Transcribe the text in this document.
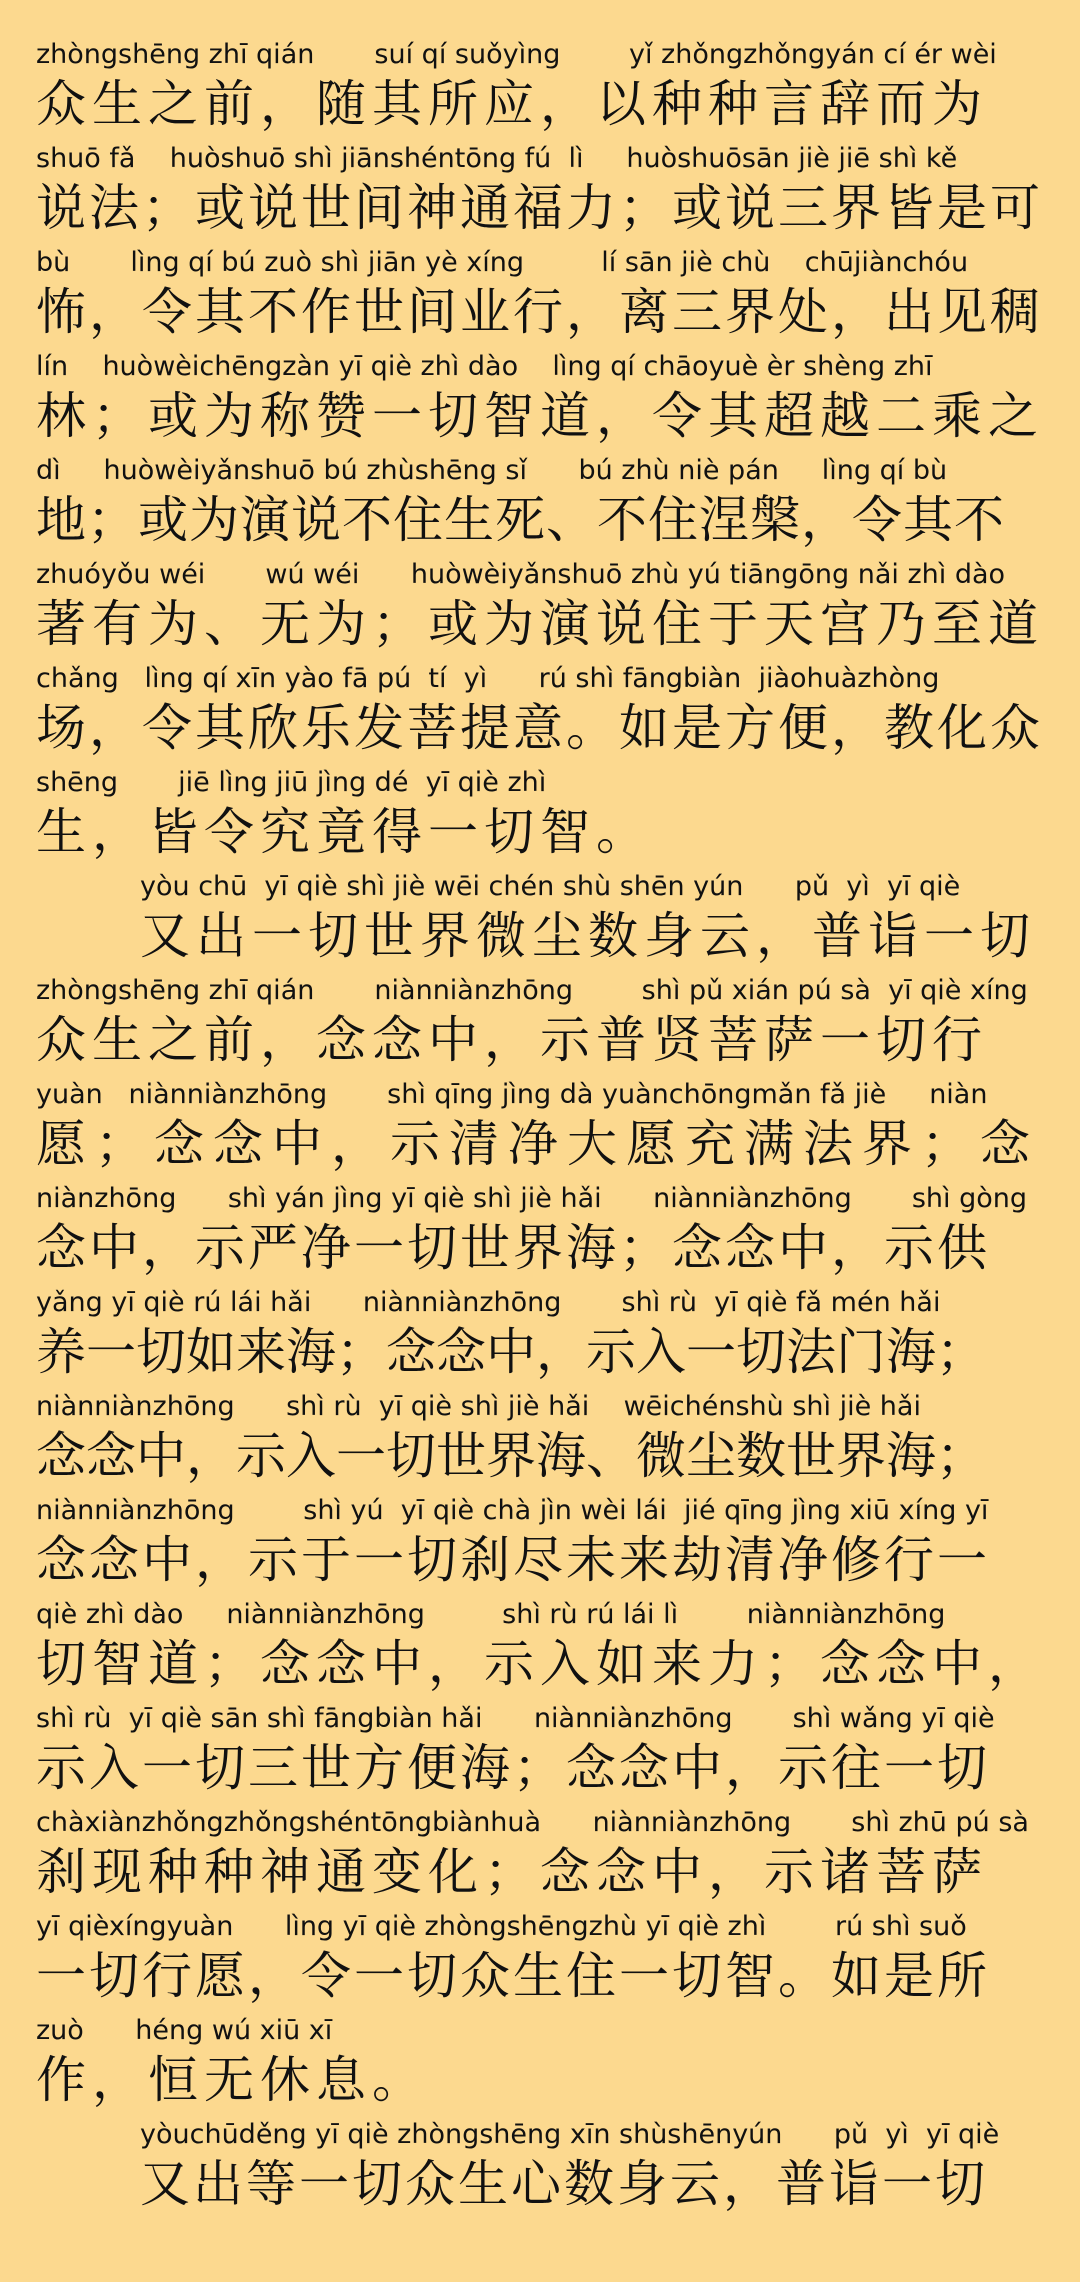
zhòngshēng zhī qián       suí qí suǒyìng        yǐ zhǒngzhǒngyán cí ér wèi
众生之前，随其所应，以种种言辞而为
shuō fǎ    huòshuō shì jiānshéntōng fú  lì     huòshuōsān jiè jiē shì kě
说法；或说世间神通福力；或说三界皆是可
bù       lìng qí bú zuò shì jiān yè xíng         lí sān jiè chù    chūjiànchóu
怖，令其不作世间业行，离三界处，出见稠
lín    huòwèichēngzàn yī qiè zhì dào    lìng qí chāoyuè èr shèng zhī
林；或为称赞一切智道，令其超越二乘之
dì     huòwèiyǎnshuō bú zhùshēng sǐ      bú zhù niè pán     lìng qí bù
地；或为演说不住生死、不住涅槃，令其不
zhuóyǒu wéi       wú wéi      huòwèiyǎnshuō zhù yú tiāngōng nǎi zhì dào
著有为、无为；或为演说住于天宫乃至道
chǎng   lìng qí xīn yào fā pú  tí  yì      rú shì fāngbiàn  jiàohuàzhòng
场，令其欣乐发菩提意。如是方便，教化众
shēng       jiē lìng jiū jìng dé  yī qiè zhì
生，皆令究竟得一切智。
yòu chū  yī qiè shì jiè wēi chén shù shēn yún      pǔ  yì  yī qiè
又出一切世界微尘数身云，普诣一切
zhòngshēng zhī qián       niànniànzhōng        shì pǔ xián pú sà  yī qiè xíng
众生之前，念念中，示普贤菩萨一切行
yuàn   niànniànzhōng       shì qīng jìng dà yuànchōngmǎn fǎ jiè     niàn
愿；念念中，示清净大愿充满法界；念
niànzhōng      shì yán jìng yī qiè shì jiè hǎi      niànniànzhōng       shì gòng
念中，示严净一切世界海；念念中，示供
yǎng yī qiè rú lái hǎi      niànniànzhōng       shì rù  yī qiè fǎ mén hǎi
养一切如来海；念念中，示入一切法门海；
niànniànzhōng      shì rù  yī qiè shì jiè hǎi    wēichénshù shì jiè hǎi
念念中，示入一切世界海、微尘数世界海；
niànniànzhōng        shì yú  yī qiè chà jìn wèi lái  jié qīng jìng xiū xíng yī
念念中，示于一切刹尽未来劫清净修行一
qiè zhì dào     niànniànzhōng         shì rù rú lái lì        niànniànzhōng
切智道；念念中，示入如来力；念念中，
shì rù  yī qiè sān shì fāngbiàn hǎi      niànniànzhōng       shì wǎng yī qiè
示入一切三世方便海；念念中，示往一切
chàxiànzhǒngzhǒngshéntōngbiànhuà      niànniànzhōng       shì zhū pú sà
刹现种种神通变化；念念中，示诸菩萨
yī qièxíngyuàn      lìng yī qiè zhòngshēngzhù yī qiè zhì        rú shì suǒ
一切行愿，令一切众生住一切智。如是所
zuò      héng wú xiū xī
作，恒无休息。
yòuchūděng yī qiè zhòngshēng xīn shùshēnyún      pǔ  yì  yī qiè
又出等一切众生心数身云，普诣一切
